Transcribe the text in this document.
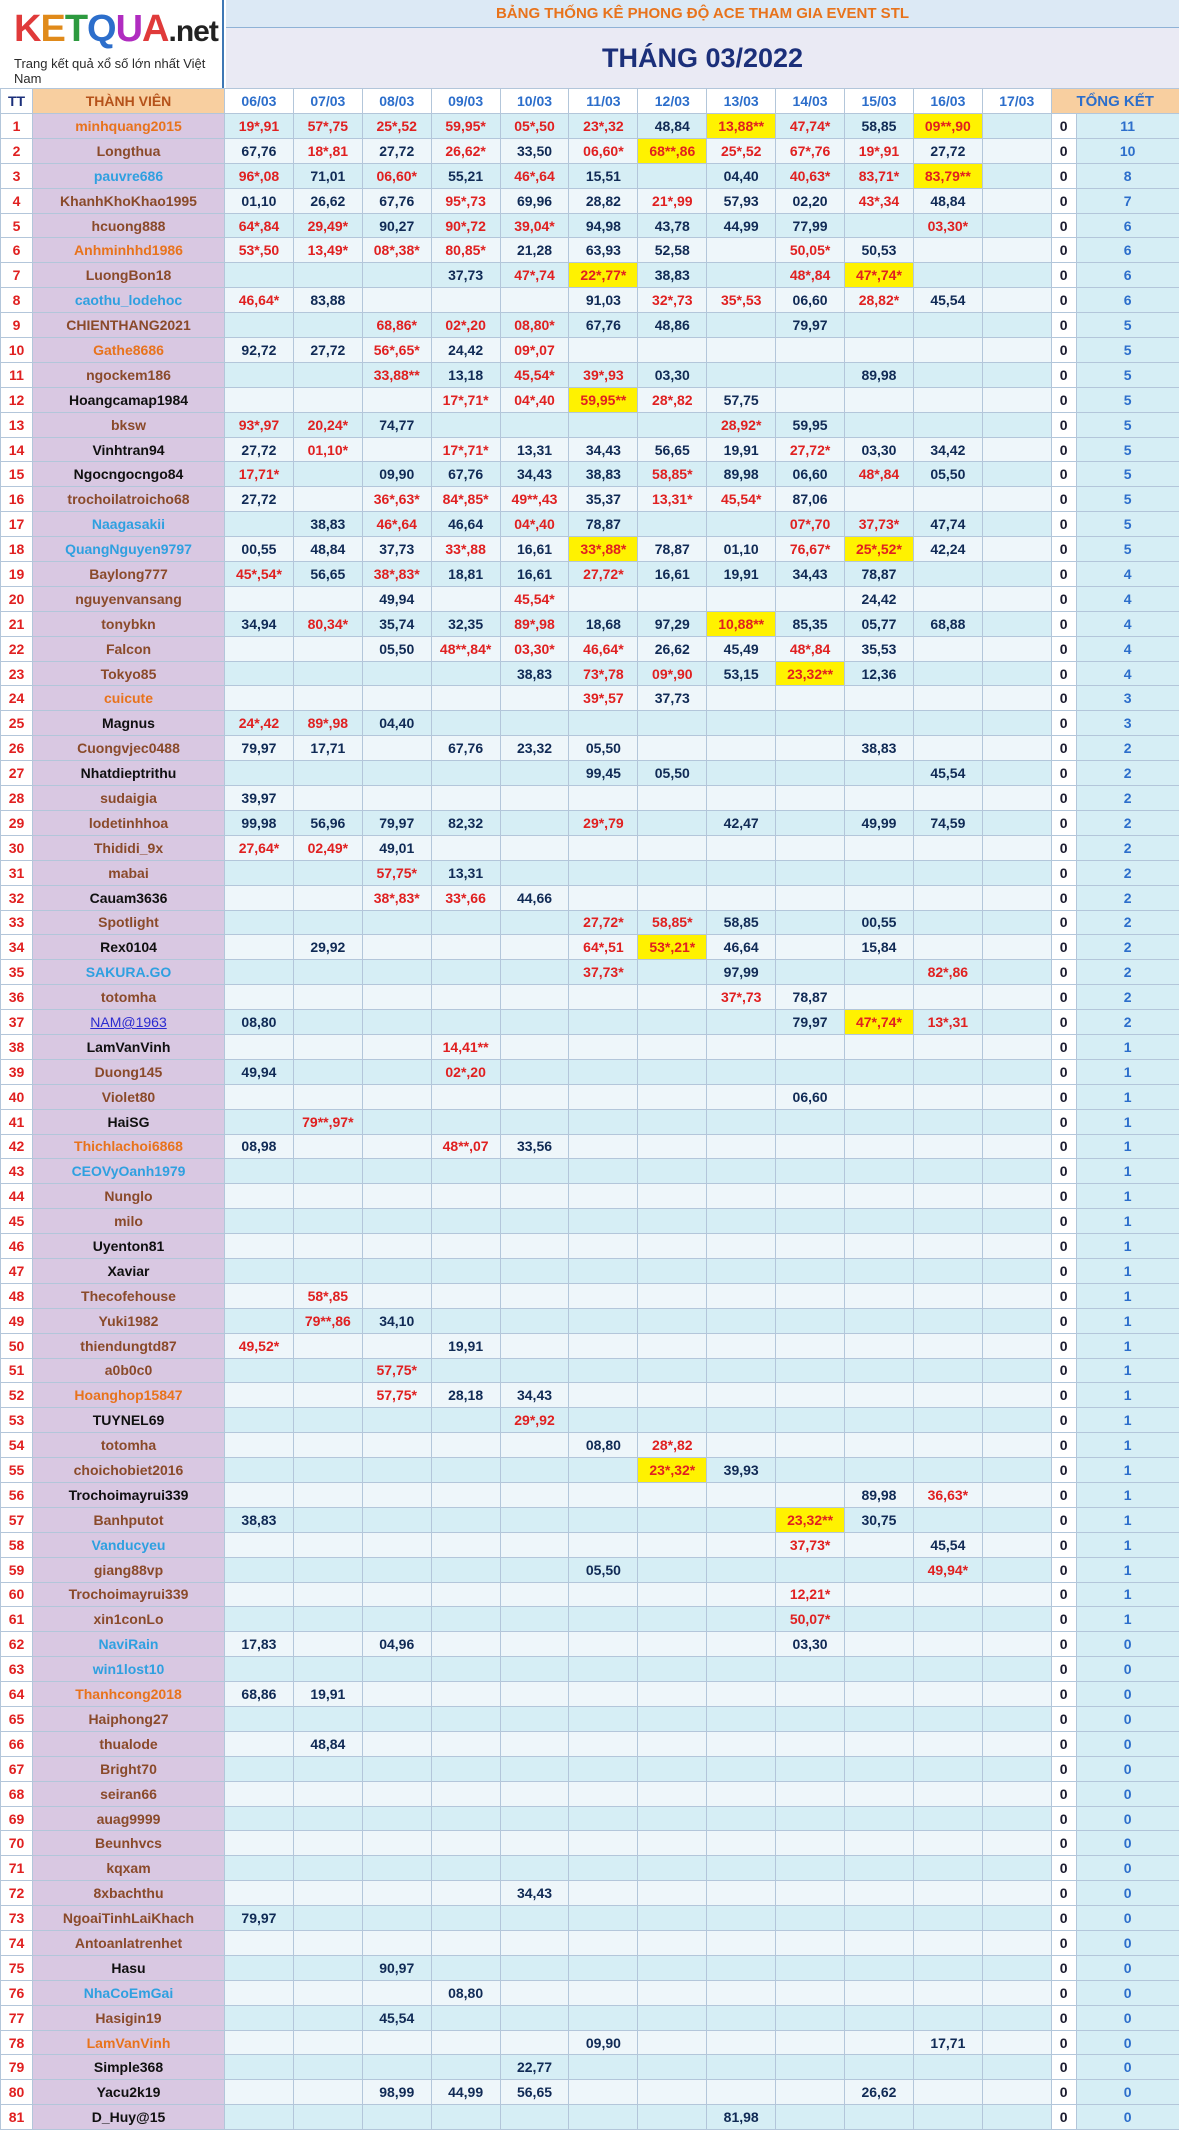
KETQUA.net
Trang kết quả xổ số lớn nhất Việt Nam
BẢNG THỐNG KÊ PHONG ĐỘ ACE THAM GIA EVENT STL
THÁNG 03/2022
TT	THÀNH VIÊN	06/03	07/03	08/03	09/03	10/03	11/03	12/03	13/03	14/03	15/03	16/03	17/03	TỔNG KẾT	
1	minhquang2015	19*,91	57*,75	25*,52	59,95*	05*,50	23*,32	48,84	13,88**	47,74*	58,85	09**,90		0	11
2	Longthua	67,76	18*,81	27,72	26,62*	33,50	06,60*	68**,86	25*,52	67*,76	19*,91	27,72		0	10
3	pauvre686	96*,08	71,01	06,60*	55,21	46*,64	15,51		04,40	40,63*	83,71*	83,79**		0	8
4	KhanhKhoKhao1995	01,10	26,62	67,76	95*,73	69,96	28,82	21*,99	57,93	02,20	43*,34	48,84		0	7
5	hcuong888	64*,84	29,49*	90,27	90*,72	39,04*	94,98	43,78	44,99	77,99		03,30*		0	6
6	Anhminhhd1986	53*,50	13,49*	08*,38*	80,85*	21,28	63,93	52,58		50,05*	50,53			0	6
7	LuongBon18				37,73	47*,74	22*,77*	38,83		48*,84	47*,74*			0	6
8	caothu_lodehoc	46,64*	83,88				91,03	32*,73	35*,53	06,60	28,82*	45,54		0	6
9	CHIENTHANG2021			68,86*	02*,20	08,80*	67,76	48,86		79,97				0	5
10	Gathe8686	92,72	27,72	56*,65*	24,42	09*,07								0	5
11	ngockem186			33,88**	13,18	45,54*	39*,93	03,30			89,98			0	5
12	Hoangcamap1984				17*,71*	04*,40	59,95**	28*,82	57,75					0	5
13	bksw	93*,97	20,24*	74,77					28,92*	59,95				0	5
14	Vinhtran94	27,72	01,10*		17*,71*	13,31	34,43	56,65	19,91	27,72*	03,30	34,42		0	5
15	Ngocngocngo84	17,71*		09,90	67,76	34,43	38,83	58,85*	89,98	06,60	48*,84	05,50		0	5
16	trochoilatroicho68	27,72		36*,63*	84*,85*	49**,43	35,37	13,31*	45,54*	87,06				0	5
17	Naagasakii		38,83	46*,64	46,64	04*,40	78,87			07*,70	37,73*	47,74		0	5
18	QuangNguyen9797	00,55	48,84	37,73	33*,88	16,61	33*,88*	78,87	01,10	76,67*	25*,52*	42,24		0	5
19	Baylong777	45*,54*	56,65	38*,83*	18,81	16,61	27,72*	16,61	19,91	34,43	78,87			0	4
20	nguyenvansang			49,94		45,54*					24,42			0	4
21	tonybkn	34,94	80,34*	35,74	32,35	89*,98	18,68	97,29	10,88**	85,35	05,77	68,88		0	4
22	Falcon			05,50	48**,84*	03,30*	46,64*	26,62	45,49	48*,84	35,53			0	4
23	Tokyo85					38,83	73*,78	09*,90	53,15	23,32**	12,36			0	4
24	cuicute						39*,57	37,73						0	3
25	Magnus	24*,42	89*,98	04,40										0	3
26	Cuongvjec0488	79,97	17,71		67,76	23,32	05,50				38,83			0	2
27	Nhatdieptrithu						99,45	05,50				45,54		0	2
28	sudaigia	39,97												0	2
29	lodetinhhoa	99,98	56,96	79,97	82,32		29*,79		42,47		49,99	74,59		0	2
30	Thididi_9x	27,64*	02,49*	49,01										0	2
31	mabai			57,75*	13,31									0	2
32	Cauam3636			38*,83*	33*,66	44,66								0	2
33	Spotlight						27,72*	58,85*	58,85		00,55			0	2
34	Rex0104		29,92				64*,51	53*,21*	46,64		15,84			0	2
35	SAKURA.GO						37,73*		97,99			82*,86		0	2
36	totomha								37*,73	78,87				0	2
37	NAM@1963	08,80								79,97	47*,74*	13*,31		0	2
38	LamVanVinh				14,41**									0	1
39	Duong145	49,94			02*,20									0	1
40	Violet80									06,60				0	1
41	HaiSG		79**,97*											0	1
42	Thichlachoi6868	08,98			48**,07	33,56								0	1
43	CEOVyOanh1979													0	1
44	Nunglo													0	1
45	milo													0	1
46	Uyenton81													0	1
47	Xaviar													0	1
48	Thecofehouse		58*,85											0	1
49	Yuki1982		79**,86	34,10										0	1
50	thiendungtd87	49,52*			19,91									0	1
51	a0b0c0			57,75*										0	1
52	Hoanghop15847			57,75*	28,18	34,43								0	1
53	TUYNEL69					29*,92								0	1
54	totomha						08,80	28*,82						0	1
55	choichobiet2016							23*,32*	39,93					0	1
56	Trochoimayrui339										89,98	36,63*		0	1
57	Banhputot	38,83								23,32**	30,75			0	1
58	Vanducyeu									37,73*		45,54		0	1
59	giang88vp						05,50					49,94*		0	1
60	Trochoimayrui339									12,21*				0	1
61	xin1conLo									50,07*				0	1
62	NaviRain	17,83		04,96						03,30				0	0
63	win1lost10													0	0
64	Thanhcong2018	68,86	19,91											0	0
65	Haiphong27													0	0
66	thualode		48,84											0	0
67	Bright70													0	0
68	seiran66													0	0
69	auag9999													0	0
70	Beunhvcs													0	0
71	kqxam													0	0
72	8xbachthu					34,43								0	0
73	NgoaiTinhLaiKhach	79,97												0	0
74	Antoanlatrenhet													0	0
75	Hasu			90,97										0	0
76	NhaCoEmGai				08,80									0	0
77	Hasigin19			45,54										0	0
78	LamVanVinh						09,90					17,71		0	0
79	Simple368					22,77								0	0
80	Yacu2k19			98,99	44,99	56,65					26,62			0	0
81	D_Huy@15								81,98					0	0
